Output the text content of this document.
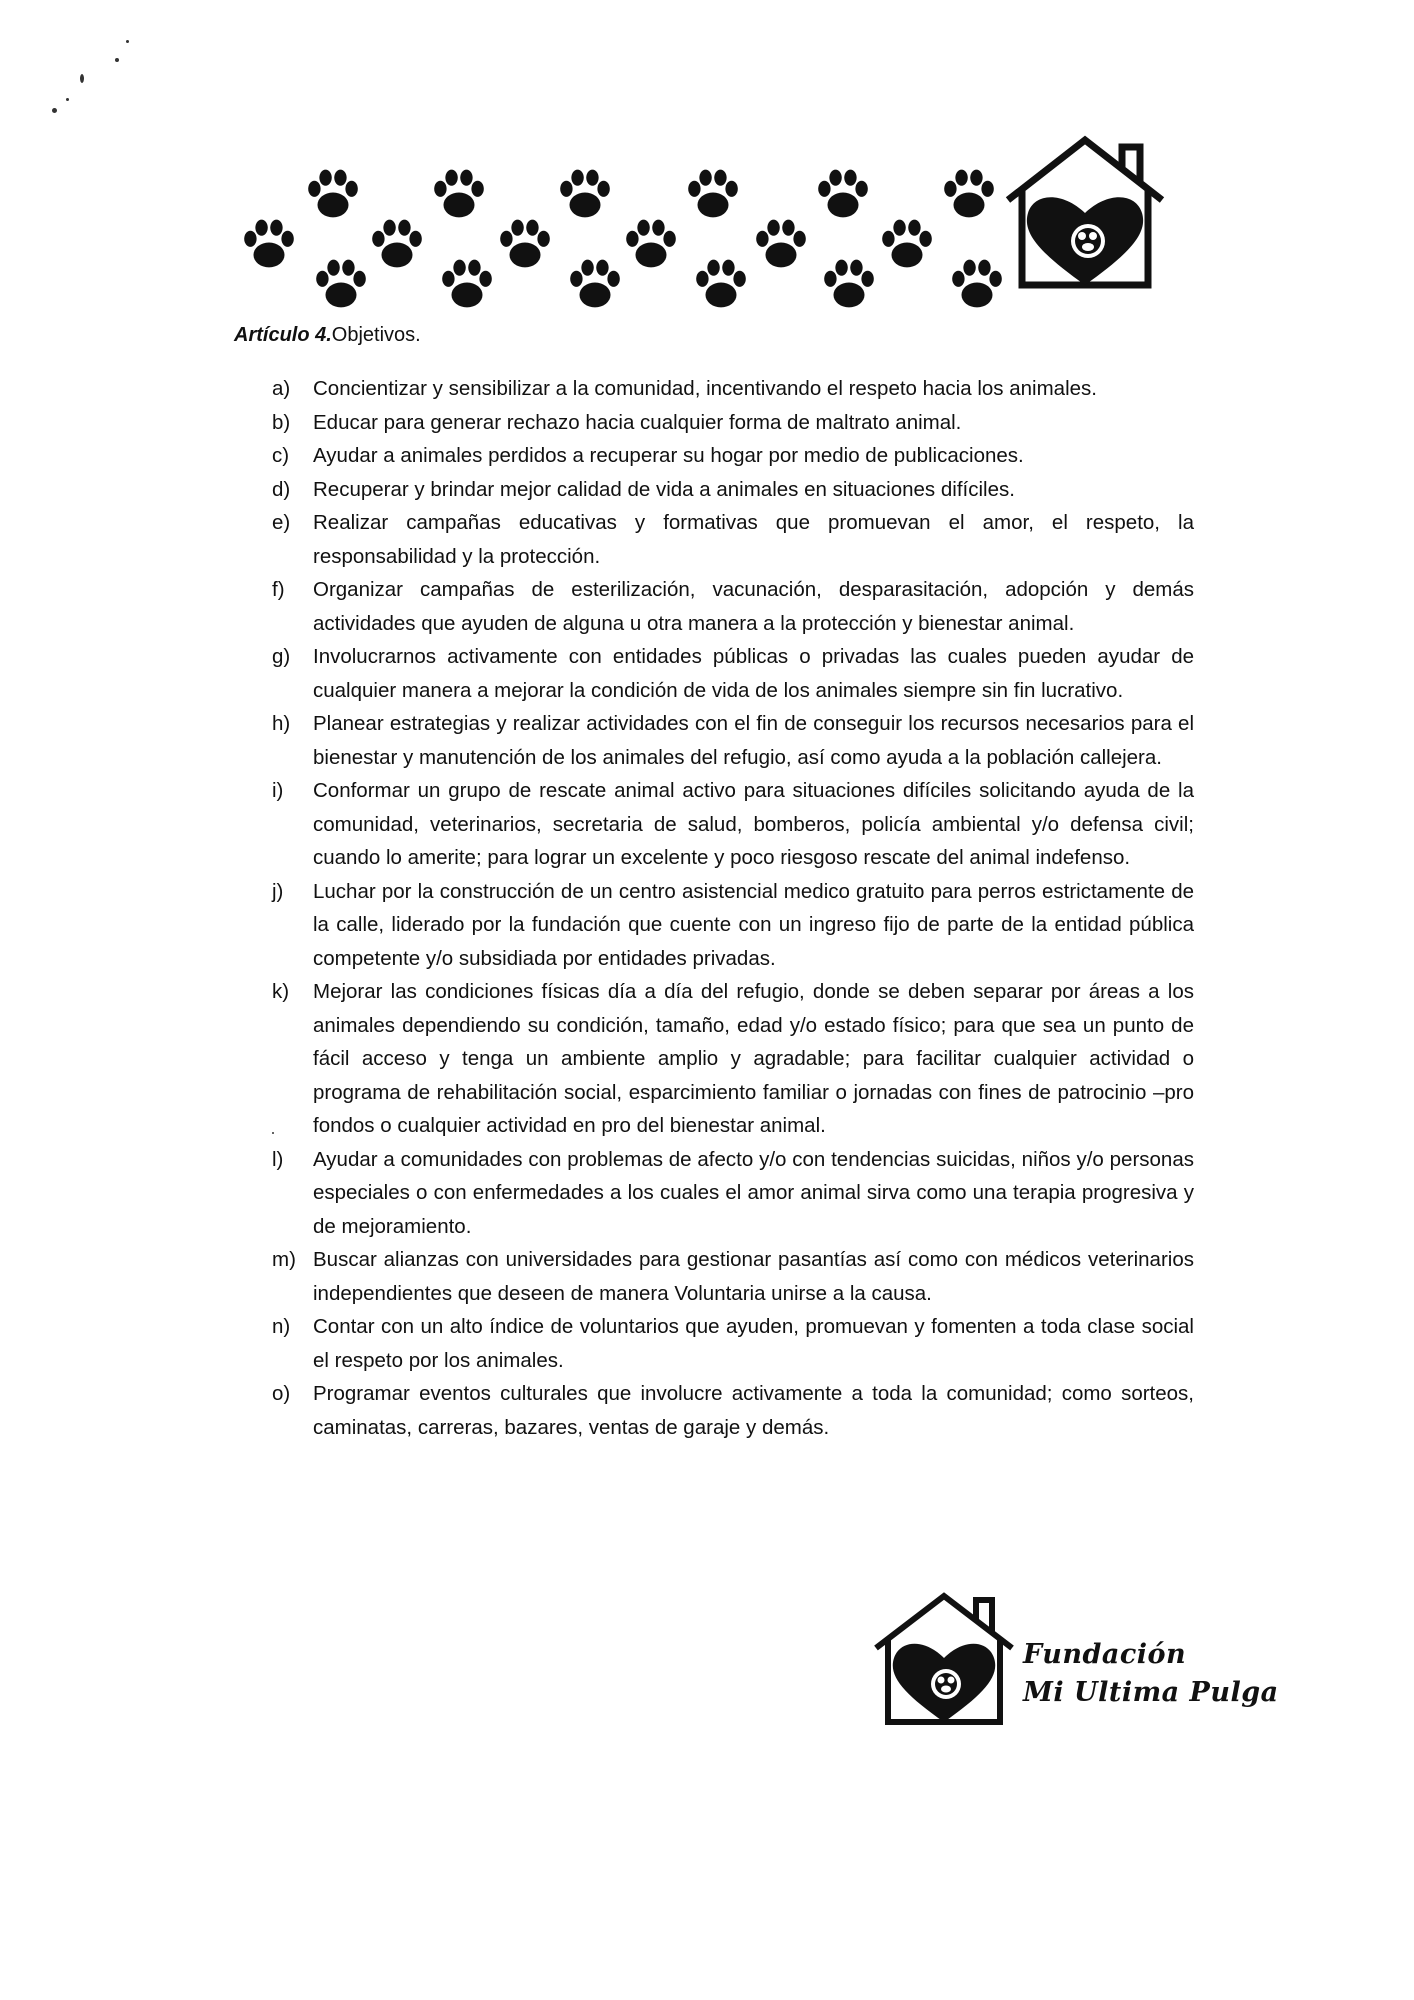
Artículo 4.Objetivos.
a)	Concientizar y sensibilizar a la comunidad, incentivando el respeto hacia los animales.
b)	Educar para generar rechazo hacia cualquier forma de maltrato animal.
c)	Ayudar a animales perdidos a recuperar su hogar por medio de publicaciones.
d)	Recuperar y brindar mejor calidad de vida a animales en situaciones difíciles.
e)	Realizar campañas educativas y formativas que promuevan el amor, el respeto, la responsabilidad y la protección.
f)	Organizar campañas de esterilización, vacunación, desparasitación, adopción y demás actividades que ayuden de alguna u otra manera a la protección y bienestar animal.
g)	Involucrarnos activamente con entidades públicas o privadas las cuales pueden ayudar de cualquier manera a mejorar la condición de vida de los animales siempre sin fin lucrativo.
h)	Planear estrategias y realizar actividades con el fin de conseguir los recursos necesarios para el bienestar y manutención de los animales del refugio, así como ayuda a la población callejera.
i)	Conformar un grupo de rescate animal activo para situaciones difíciles solicitando ayuda de la comunidad, veterinarios, secretaria de salud, bomberos, policía ambiental y/o defensa civil; cuando lo amerite; para lograr un excelente y poco riesgoso rescate del animal indefenso.
j)	Luchar por la construcción de un centro asistencial medico gratuito para perros estrictamente de la calle, liderado por la fundación que cuente con un ingreso fijo de parte de la entidad pública competente y/o subsidiada por entidades privadas.
k)	Mejorar las condiciones físicas día a día del refugio, donde se deben separar por áreas a los animales dependiendo su condición, tamaño, edad y/o estado físico; para que sea un punto de fácil acceso y tenga un ambiente amplio y agradable; para facilitar cualquier actividad o programa de rehabilitación social, esparcimiento familiar o jornadas con fines de patrocinio –pro fondos o cualquier actividad en pro del bienestar animal.
l)	Ayudar a comunidades con problemas de afecto y/o con tendencias suicidas, niños y/o personas especiales o con enfermedades a los cuales el amor animal sirva como una terapia progresiva y de mejoramiento.
m) Buscar alianzas con universidades para gestionar pasantías así como con médicos veterinarios independientes que deseen de manera Voluntaria unirse a la causa.
n)	Contar con un alto índice de voluntarios que ayuden, promuevan y fomenten a toda clase social el respeto por los animales.
o)	Programar eventos culturales que involucre activamente a toda la comunidad; como sorteos, caminatas, carreras, bazares, ventas de garaje y demás.
Fundación
Mi Ultima Pulga
